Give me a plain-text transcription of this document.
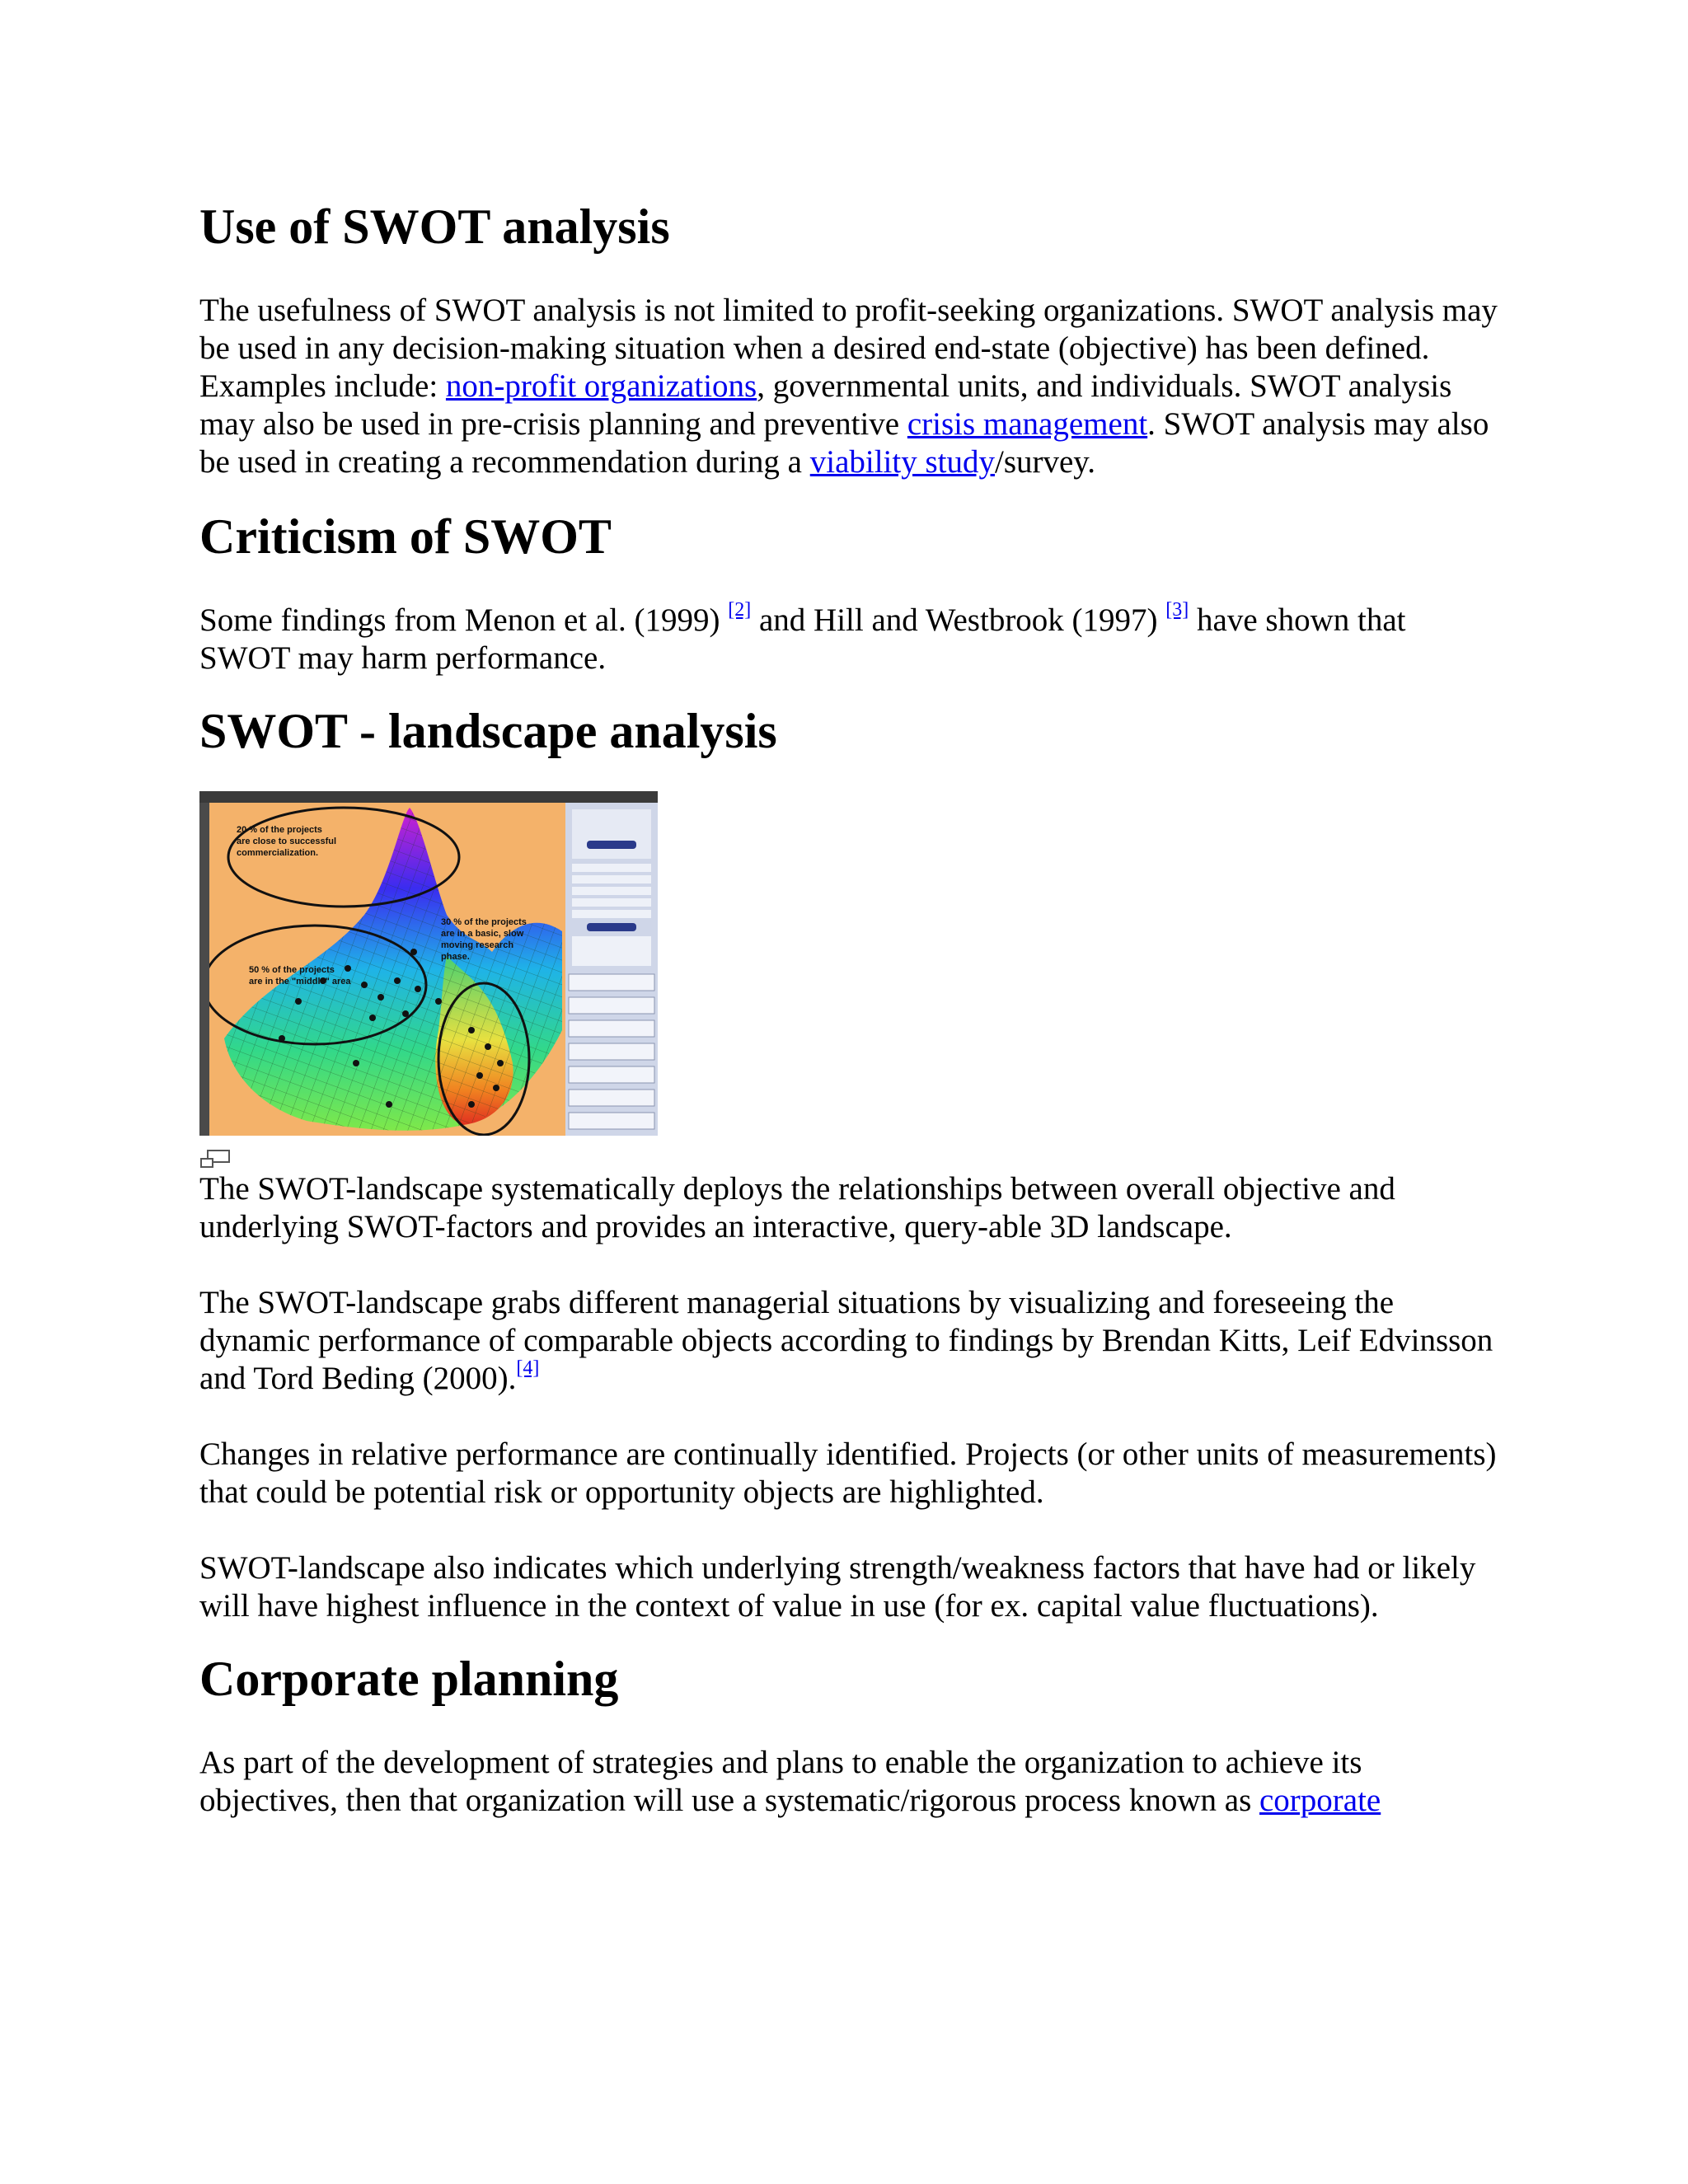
Use of SWOT analysis

The usefulness of SWOT analysis is not limited to profit-seeking organizations. SWOT analysis may be used in any decision-making situation when a desired end-state (objective) has been defined. Examples include: non-profit organizations, governmental units, and individuals. SWOT analysis may also be used in pre-crisis planning and preventive crisis management. SWOT analysis may also be used in creating a recommendation during a viability study/survey.

Criticism of SWOT

Some findings from Menon et al. (1999) [2] and Hill and Westbrook (1997) [3] have shown that SWOT may harm performance.

SWOT - landscape analysis
20 % of the projects
are close to successful
commercialization.
30 % of the projects
are in a basic, slow
moving research
phase.
50 % of the projects
are in the "middle" area

The SWOT-landscape systematically deploys the relationships between overall objective and underlying SWOT-factors and provides an interactive, query-able 3D landscape.

The SWOT-landscape grabs different managerial situations by visualizing and foreseeing the dynamic performance of comparable objects according to findings by Brendan Kitts, Leif Edvinsson and Tord Beding (2000).[4]

Changes in relative performance are continually identified. Projects (or other units of measurements) that could be potential risk or opportunity objects are highlighted.

SWOT-landscape also indicates which underlying strength/weakness factors that have had or likely will have highest influence in the context of value in use (for ex. capital value fluctuations).

Corporate planning

As part of the development of strategies and plans to enable the organization to achieve its objectives, then that organization will use a systematic/rigorous process known as corporate
